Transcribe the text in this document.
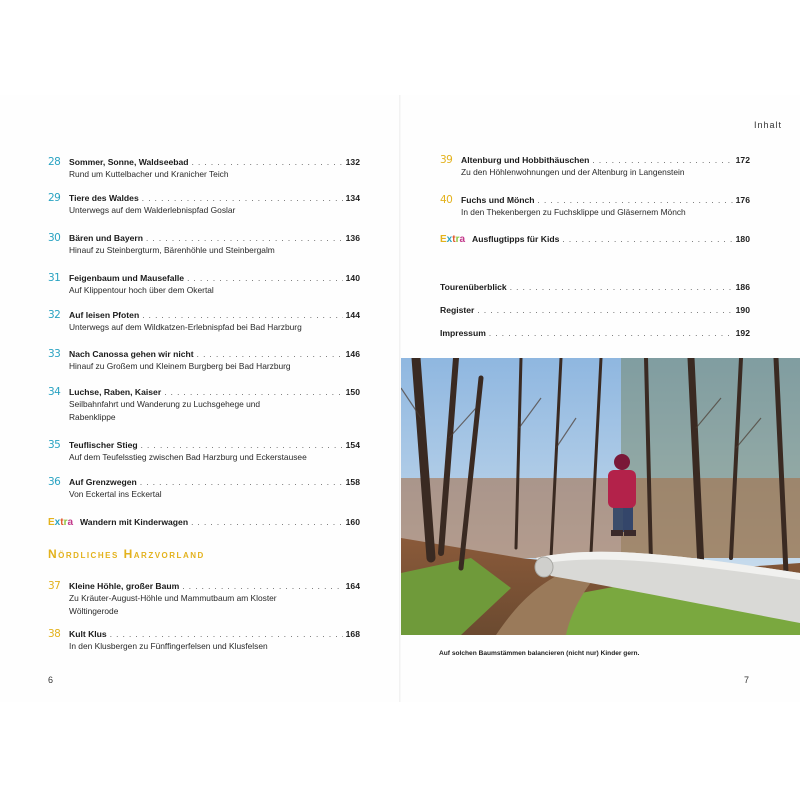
Inhalt
28	Sommer, Sonne, Waldseebad . . .	132
Rund um Kuttelbacher und Kranicher Teich
29	Tiere des Waldes . . .	134
Unterwegs auf dem Walderlebnispfad Goslar
30	Bären und Bayern . . .	136
Hinauf zu Steinbergturm, Bärenhöhle und Steinbergalm
31	Feigenbaum und Mausefalle . . .	140
Auf Klippentour hoch über dem Okertal
32	Auf leisen Pfoten . . .	144
Unterwegs auf dem Wildkatzen-Erlebnispfad bei Bad Harzburg
33	Nach Canossa gehen wir nicht . . .	146
Hinauf zu Großem und Kleinem Burgberg bei Bad Harzburg
34	Luchse, Raben, Kaiser . . .	150
Seilbahnfahrt und Wanderung zu Luchsgehege und
Rabenklippe
35	Teuflischer Stieg . . .	154
Auf dem Teufelsstieg zwischen Bad Harzburg und Eckerstausee
36	Auf Grenzwegen . . .	158
Von Eckertal ins Eckertal
Extra Wandern mit Kinderwagen . . .	160
Nördliches Harzvorland
37	Kleine Höhle, großer Baum . . .	164
Zu Kräuter-August-Höhle und Mammutbaum am Kloster
Wöltingerode
38	Kult Klus . . .	168
In den Klusbergen zu Fünffingerfelsen und Klusfelsen
6
39	Altenburg und Hobbithäuschen . . .	172
Zu den Höhlenwohnungen und der Altenburg in Langenstein
40	Fuchs und Mönch . . .	176
In den Thekenbergen zu Fuchsklippe und Gläsernem Mönch
Extra Ausflugtipps für Kids . . .	180
Tourenüberblick . . .	186
Register . . .	190
Impressum . . .	192
Auf solchen Baumstämmen balancieren (nicht nur) Kinder gern.
7
